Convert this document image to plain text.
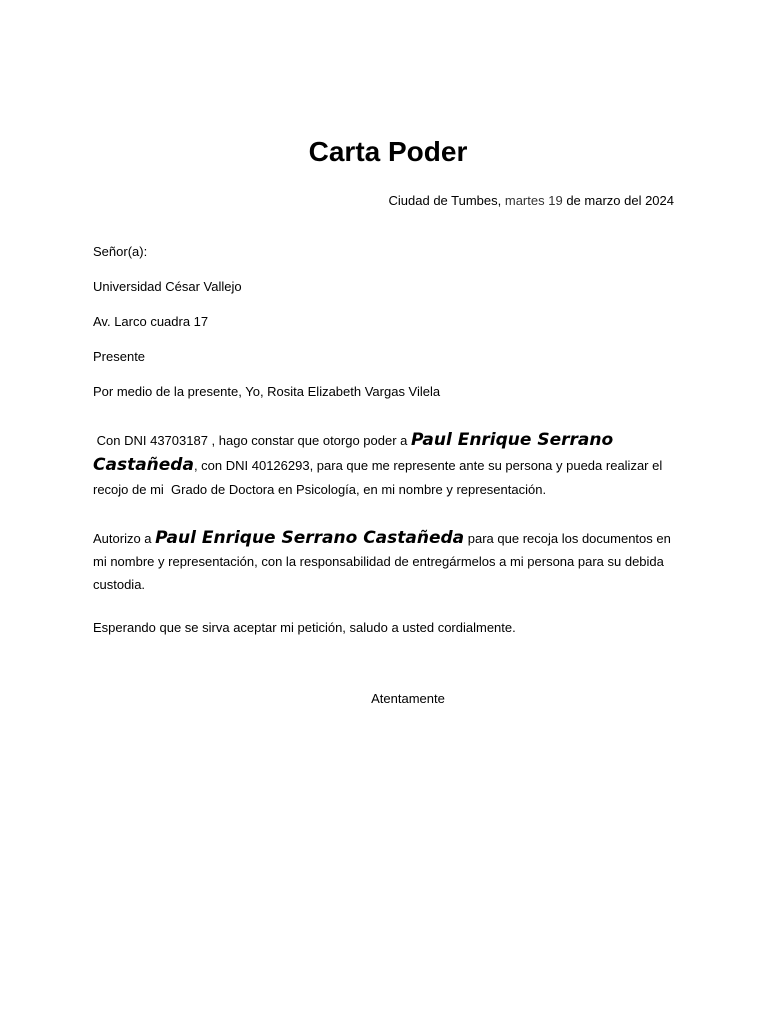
Carta Poder
Ciudad de Tumbes, martes 19 de marzo del 2024
Señor(a):
Universidad César Vallejo
Av. Larco cuadra 17
Presente
Por medio de la presente, Yo, Rosita Elizabeth Vargas Vilela
Con DNI 43703187 , hago constar que otorgo poder a Paul Enrique Serrano Castañeda, con DNI 40126293, para que me represente ante su persona y pueda realizar el recojo de mi  Grado de Doctora en Psicología, en mi nombre y representación.
Autorizo a Paul Enrique Serrano Castañeda para que recoja los documentos en mi nombre y representación, con la responsabilidad de entregármelos a mi persona para su debida custodia.
Esperando que se sirva aceptar mi petición, saludo a usted cordialmente.
Atentamente
